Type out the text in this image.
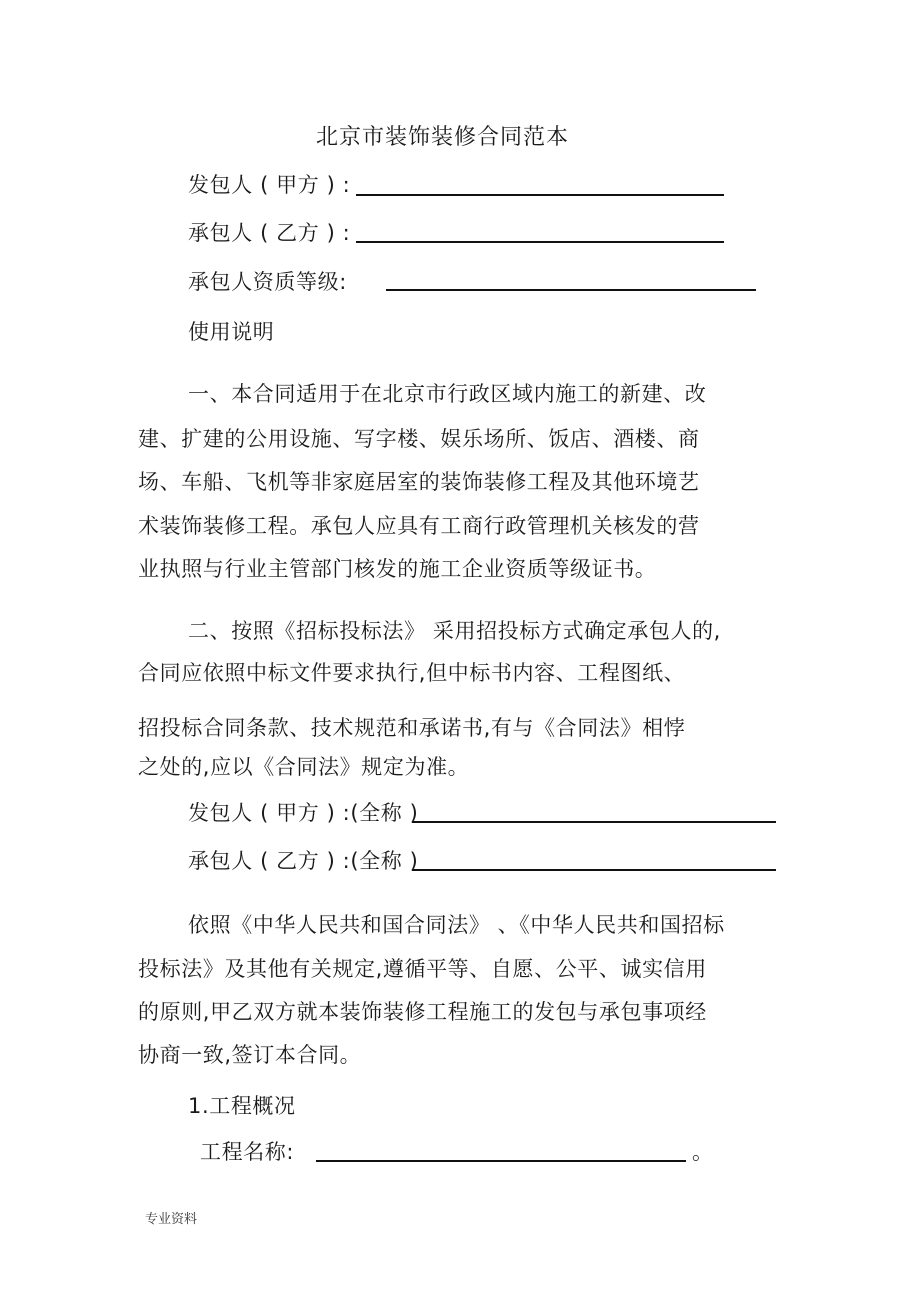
北京市装饰装修合同范本
发包人 ( 甲方 ) :
承包人 ( 乙方 ) :
承包人资质等级:
使用说明
一、本合同适用于在北京市行政区域内施工的新建、改
建、扩建的公用设施、写字楼、娱乐场所、饭店、酒楼、商
场、车船、飞机等非家庭居室的装饰装修工程及其他环境艺
术装饰装修工程。承包人应具有工商行政管理机关核发的营
业执照与行业主管部门核发的施工企业资质等级证书。
二、按照《招标投标法》 采用招投标方式确定承包人的,
合同应依照中标文件要求执行,但中标书内容、工程图纸、
招投标合同条款、技术规范和承诺书,有与《合同法》相悖
之处的,应以《合同法》规定为准。
发包人 ( 甲方 ) :(全称 )
承包人 ( 乙方 ) :(全称 )
依照《中华人民共和国合同法》 、《中华人民共和国招标
投标法》及其他有关规定,遵循平等、自愿、公平、诚实信用
的原则,甲乙双方就本装饰装修工程施工的发包与承包事项经
协商一致,签订本合同。
1.工程概况
工程名称:	。
专业资料
